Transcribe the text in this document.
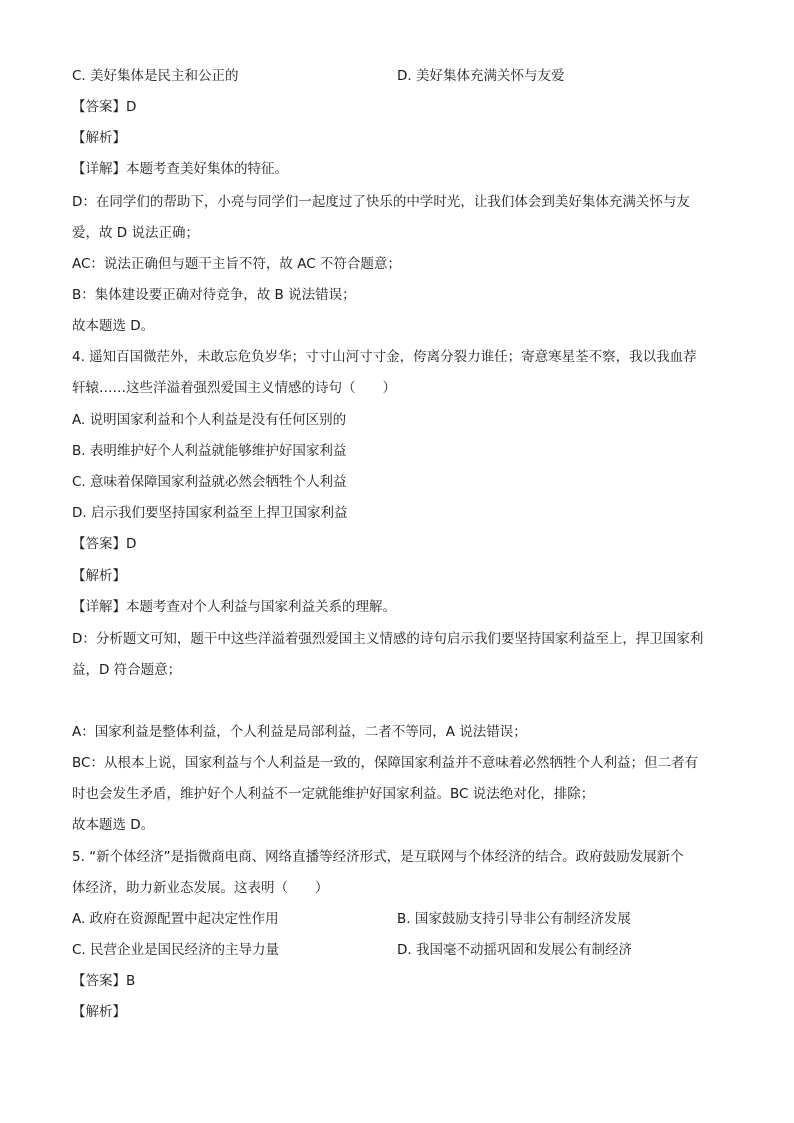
C. 美好集体是民主和公正的	D. 美好集体充满关怀与友爱
【答案】D
【解析】
【详解】本题考查美好集体的特征。
D：在同学们的帮助下，小亮与同学们一起度过了快乐的中学时光，让我们体会到美好集体充满关怀与友
爱，故 D 说法正确；
AC：说法正确但与题干主旨不符，故 AC 不符合题意；
B：集体建设要正确对待竞争，故 B 说法错误；
故本题选 D。
4. 遥知百国微茫外，未敢忘危负岁华；寸寸山河寸寸金，侉离分裂力谁任；寄意寒星荃不察，我以我血荐
轩辕……这些洋溢着强烈爱国主义情感的诗句（　　）
A. 说明国家利益和个人利益是没有任何区别的
B. 表明维护好个人利益就能够维护好国家利益
C. 意味着保障国家利益就必然会牺牲个人利益
D. 启示我们要坚持国家利益至上捍卫国家利益
【答案】D
【解析】
【详解】本题考查对个人利益与国家利益关系的理解。
D：分析题文可知，题干中这些洋溢着强烈爱国主义情感的诗句启示我们要坚持国家利益至上，捍卫国家利
益，D 符合题意；
A：国家利益是整体利益，个人利益是局部利益，二者不等同，A 说法错误；
BC：从根本上说，国家利益与个人利益是一致的，保障国家利益并不意味着必然牺牲个人利益；但二者有
时也会发生矛盾，维护好个人利益不一定就能维护好国家利益。BC 说法绝对化，排除；
故本题选 D。
5. “新个体经济”是指微商电商、网络直播等经济形式，是互联网与个体经济的结合。政府鼓励发展新个
体经济，助力新业态发展。这表明（　　）
A. 政府在资源配置中起决定性作用	B. 国家鼓励支持引导非公有制经济发展
C. 民营企业是国民经济的主导力量	D. 我国毫不动摇巩固和发展公有制经济
【答案】B
【解析】
